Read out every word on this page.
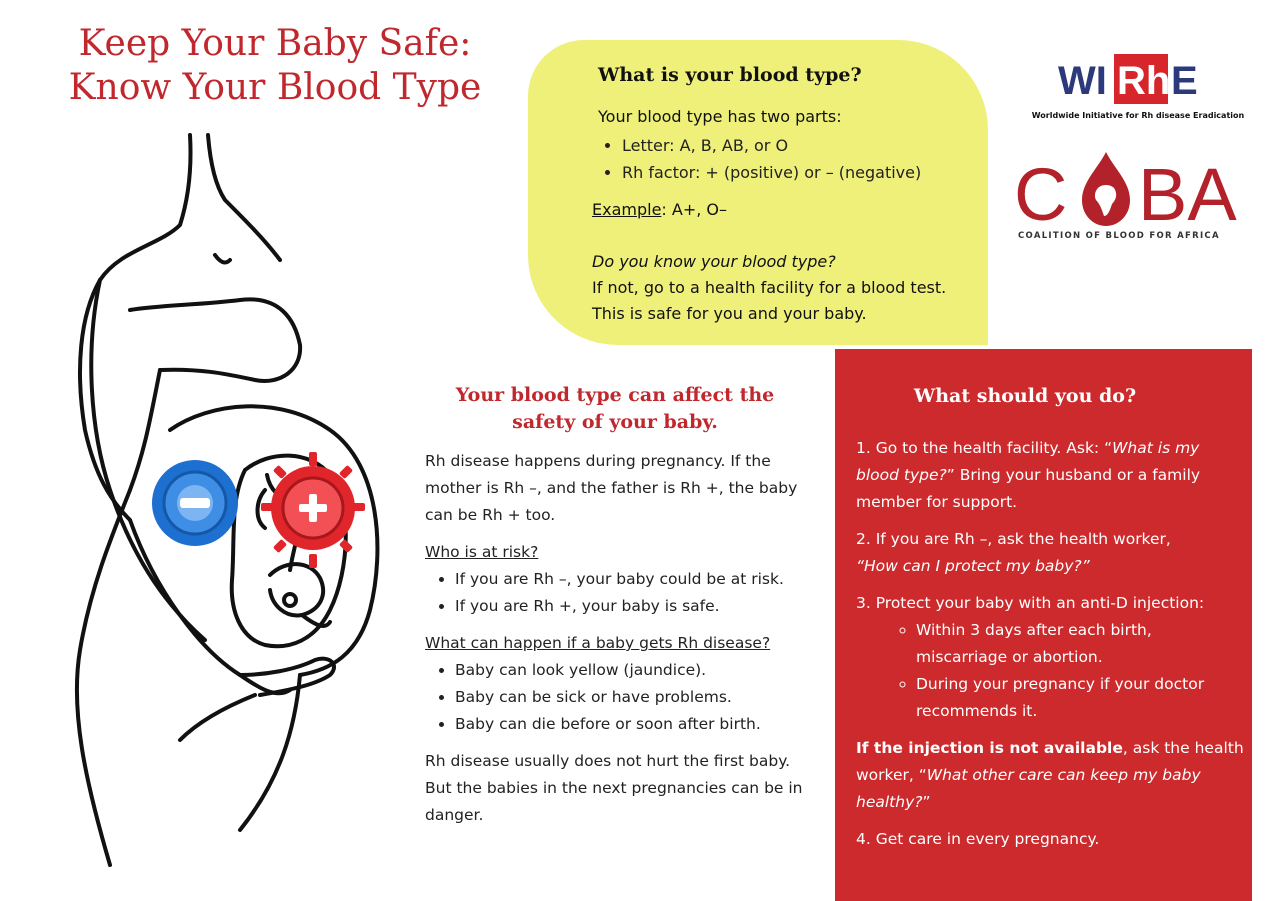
Keep Your Baby Safe:
Know Your Blood Type	What is your blood type?
Your blood type has two parts:
• Letter: A, B, AB, or O
• Rh factor: + (positive) or – (negative)
Example: A+, O–
Do you know your blood type?
If not, go to a health facility for a blood test.
This is safe for you and your baby.
WI Rh E
Worldwide Initiative for Rh disease Eradication
C BA
COALITION OF BLOOD FOR AFRICA
Your blood type can affect the
safety of your baby.

Rh disease happens during pregnancy. If the mother is Rh –, and the father is Rh +, the baby can be Rh + too.

Who is at risk?

• If you are Rh –, your baby could be at risk.
• If you are Rh +, your baby is safe.

What can happen if a baby gets Rh disease?

• Baby can look yellow (jaundice).
• Baby can be sick or have problems.
• Baby can die before or soon after birth.

Rh disease usually does not hurt the first baby. But the babies in the next pregnancies can be in danger.

What should you do?

1. Go to the health facility. Ask: “What is my blood type?” Bring your husband or a family member for support.

2. If you are Rh –, ask the health worker,
“How can I protect my baby?”

3. Protect your baby with an anti-D injection:

◦ Within 3 days after each birth, miscarriage or abortion.
◦ During your pregnancy if your doctor recommends it.

If the injection is not available, ask the health worker, “What other care can keep my baby healthy?”

4. Get care in every pregnancy.
